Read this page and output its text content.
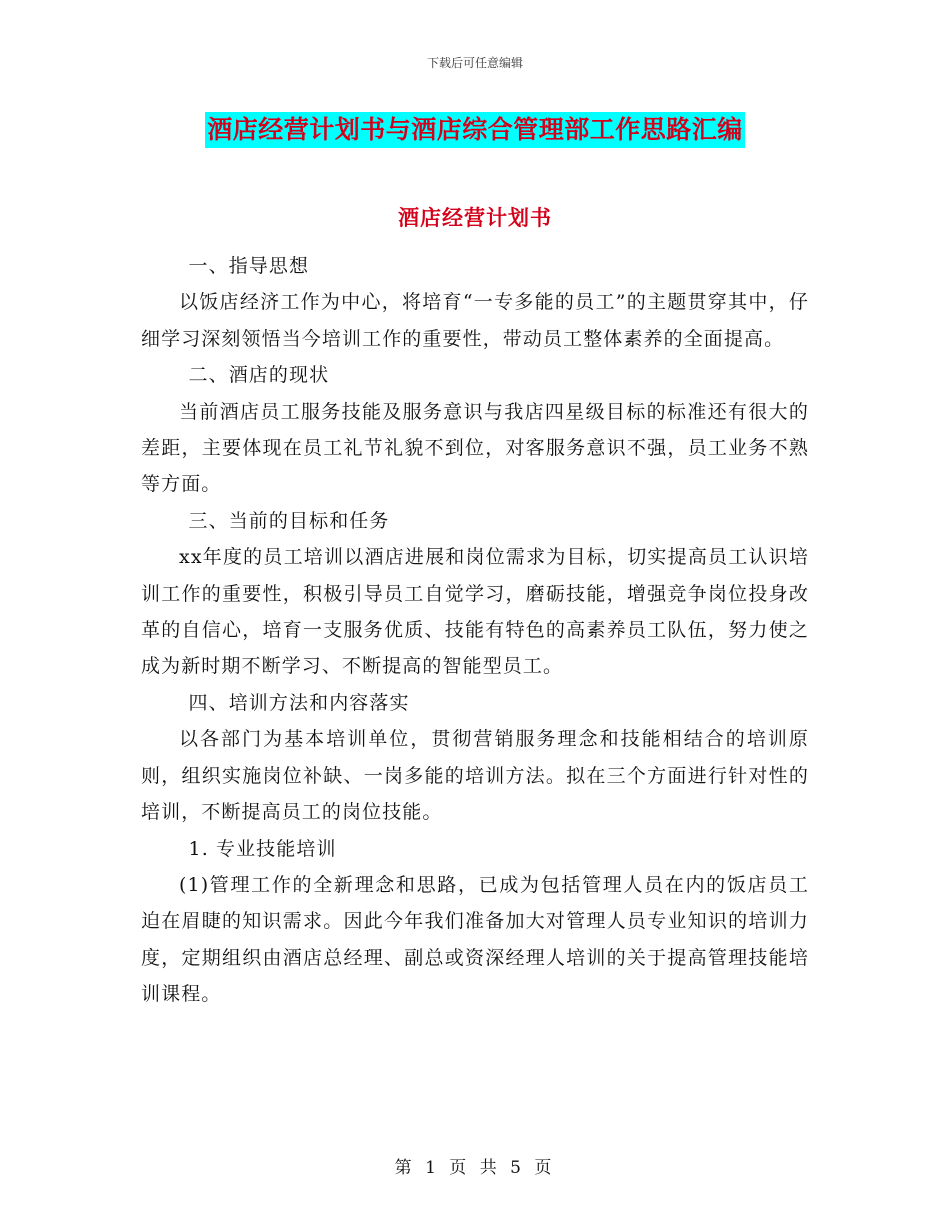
下载后可任意编辑
酒店经营计划书与酒店综合管理部工作思路汇编
酒店经营计划书

一、指导思想

以饭店经济工作为中心，将培育“一专多能的员工”的主题贯穿其中，仔细学习深刻领悟当今培训工作的重要性，带动员工整体素养的全面提高。

二、酒店的现状

当前酒店员工服务技能及服务意识与我店四星级目标的标准还有很大的差距，主要体现在员工礼节礼貌不到位，对客服务意识不强，员工业务不熟等方面。

三、当前的目标和任务

xx年度的员工培训以酒店进展和岗位需求为目标，切实提高员工认识培训工作的重要性，积极引导员工自觉学习，磨砺技能，增强竞争岗位投身改革的自信心，培育一支服务优质、技能有特色的高素养员工队伍，努力使之成为新时期不断学习、不断提高的智能型员工。

四、培训方法和内容落实

以各部门为基本培训单位，贯彻营销服务理念和技能相结合的培训原则，组织实施岗位补缺、一岗多能的培训方法。拟在三个方面进行针对性的培训，不断提高员工的岗位技能。

1. 专业技能培训

(1)管理工作的全新理念和思路，已成为包括管理人员在内的饭店员工迫在眉睫的知识需求。因此今年我们准备加大对管理人员专业知识的培训力度，定期组织由酒店总经理、副总或资深经理人培训的关于提高管理技能培训课程。

第 1 页 共 5 页
